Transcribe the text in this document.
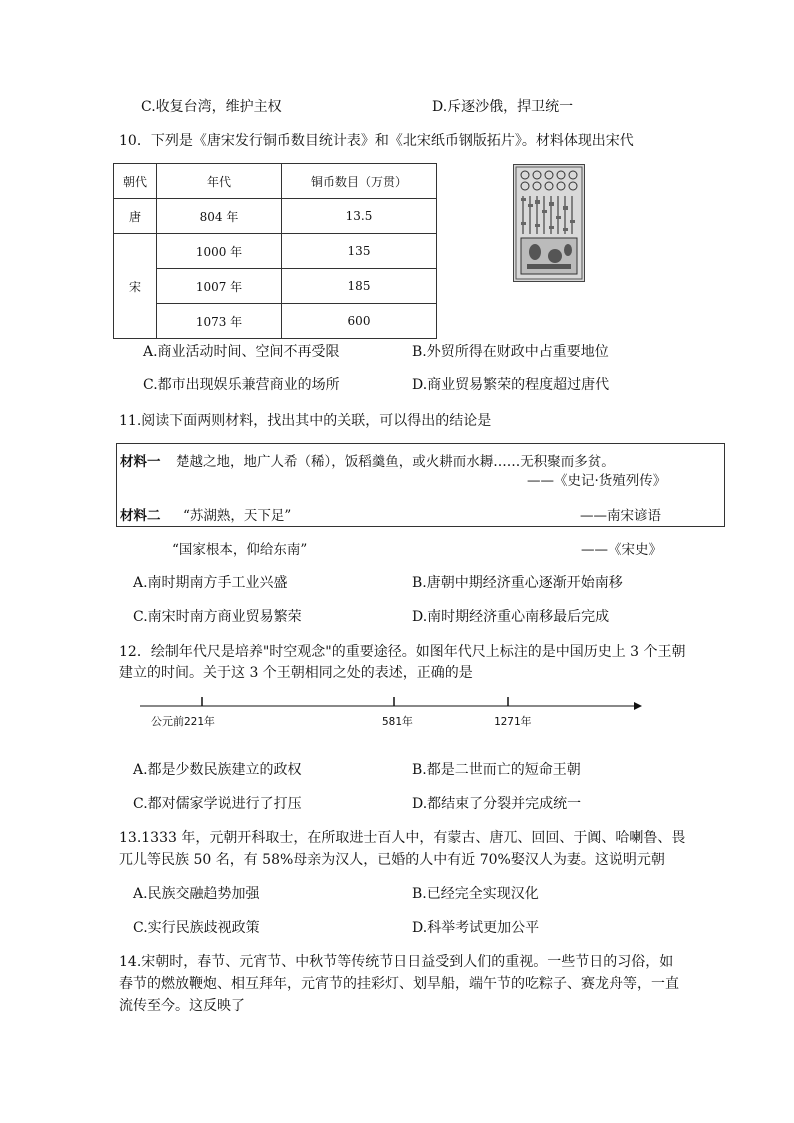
C.收复台湾，维护主权	D.斥逐沙俄，捍卫统一
10．下列是《唐宋发行铜币数目统计表》和《北宋纸币钢版拓片》。材料体现出宋代
朝代	年代	铜币数目（万贯）
唐	804 年	13.5
宋	1000 年	135
	1007 年	185
	1073 年	600
A.商业活动时间、空间不再受限	B.外贸所得在财政中占重要地位
C.都市出现娱乐兼营商业的场所	D.商业贸易繁荣的程度超过唐代
11.阅读下面两则材料，找出其中的关联，可以得出的结论是
材料一 楚越之地，地广人希（稀），饭稻羹鱼，或火耕而水耨……无积聚而多贫。
——《史记·货殖列传》
材料二 “苏湖熟，天下足”	——南宋谚语
“国家根本，仰给东南”	——《宋史》
A.南时期南方手工业兴盛	B.唐朝中期经济重心逐渐开始南移
C.南宋时南方商业贸易繁荣	D.南时期经济重心南移最后完成
12．绘制年代尺是培养"时空观念"的重要途径。如图年代尺上标注的是中国历史上 3 个王朝
建立的时间。关于这 3 个王朝相同之处的表述，正确的是
公元前221年	581年	1271年
A.都是少数民族建立的政权	B.都是二世而亡的短命王朝
C.都对儒家学说进行了打压	D.都结束了分裂并完成统一
13.1333 年，元朝开科取士，在所取进士百人中，有蒙古、唐兀、回回、于阗、哈喇鲁、畏
兀儿等民族 50 名，有 58%母亲为汉人，已婚的人中有近 70%娶汉人为妻。这说明元朝
A.民族交融趋势加强	B.已经完全实现汉化
C.实行民族歧视政策	D.科举考试更加公平
14.宋朝时，春节、元宵节、中秋节等传统节日日益受到人们的重视。一些节日的习俗，如
春节的燃放鞭炮、相互拜年，元宵节的挂彩灯、划旱船，端午节的吃粽子、赛龙舟等，一直
流传至今。这反映了
